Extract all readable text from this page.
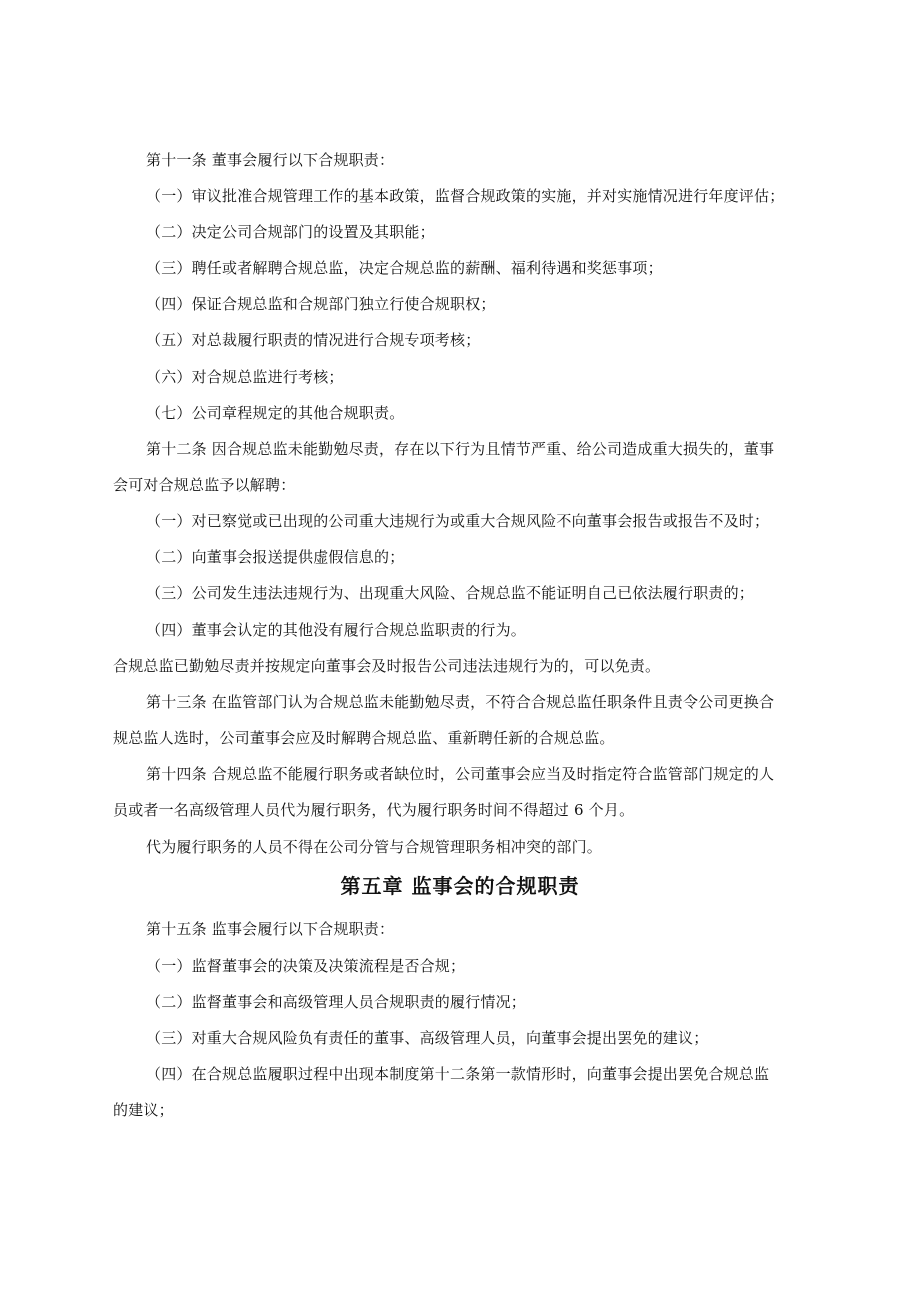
第十一条 董事会履行以下合规职责：
（一）审议批准合规管理工作的基本政策，监督合规政策的实施，并对实施情况进行年度评估；
（二）决定公司合规部门的设置及其职能；
（三）聘任或者解聘合规总监，决定合规总监的薪酬、福利待遇和奖惩事项；
（四）保证合规总监和合规部门独立行使合规职权；
（五）对总裁履行职责的情况进行合规专项考核；
（六）对合规总监进行考核；
（七）公司章程规定的其他合规职责。
第十二条 因合规总监未能勤勉尽责，存在以下行为且情节严重、给公司造成重大损失的，董事
会可对合规总监予以解聘：
（一）对已察觉或已出现的公司重大违规行为或重大合规风险不向董事会报告或报告不及时；
（二）向董事会报送提供虚假信息的；
（三）公司发生违法违规行为、出现重大风险、合规总监不能证明自己已依法履行职责的；
（四）董事会认定的其他没有履行合规总监职责的行为。
合规总监已勤勉尽责并按规定向董事会及时报告公司违法违规行为的，可以免责。
第十三条 在监管部门认为合规总监未能勤勉尽责，不符合合规总监任职条件且责令公司更换合
规总监人选时，公司董事会应及时解聘合规总监、重新聘任新的合规总监。
第十四条 合规总监不能履行职务或者缺位时，公司董事会应当及时指定符合监管部门规定的人
员或者一名高级管理人员代为履行职务，代为履行职务时间不得超过 6 个月。
代为履行职务的人员不得在公司分管与合规管理职务相冲突的部门。
第五章 监事会的合规职责
第十五条 监事会履行以下合规职责：
（一）监督董事会的决策及决策流程是否合规；
（二）监督董事会和高级管理人员合规职责的履行情况；
（三）对重大合规风险负有责任的董事、高级管理人员，向董事会提出罢免的建议；
（四）在合规总监履职过程中出现本制度第十二条第一款情形时，向董事会提出罢免合规总监
的建议；
